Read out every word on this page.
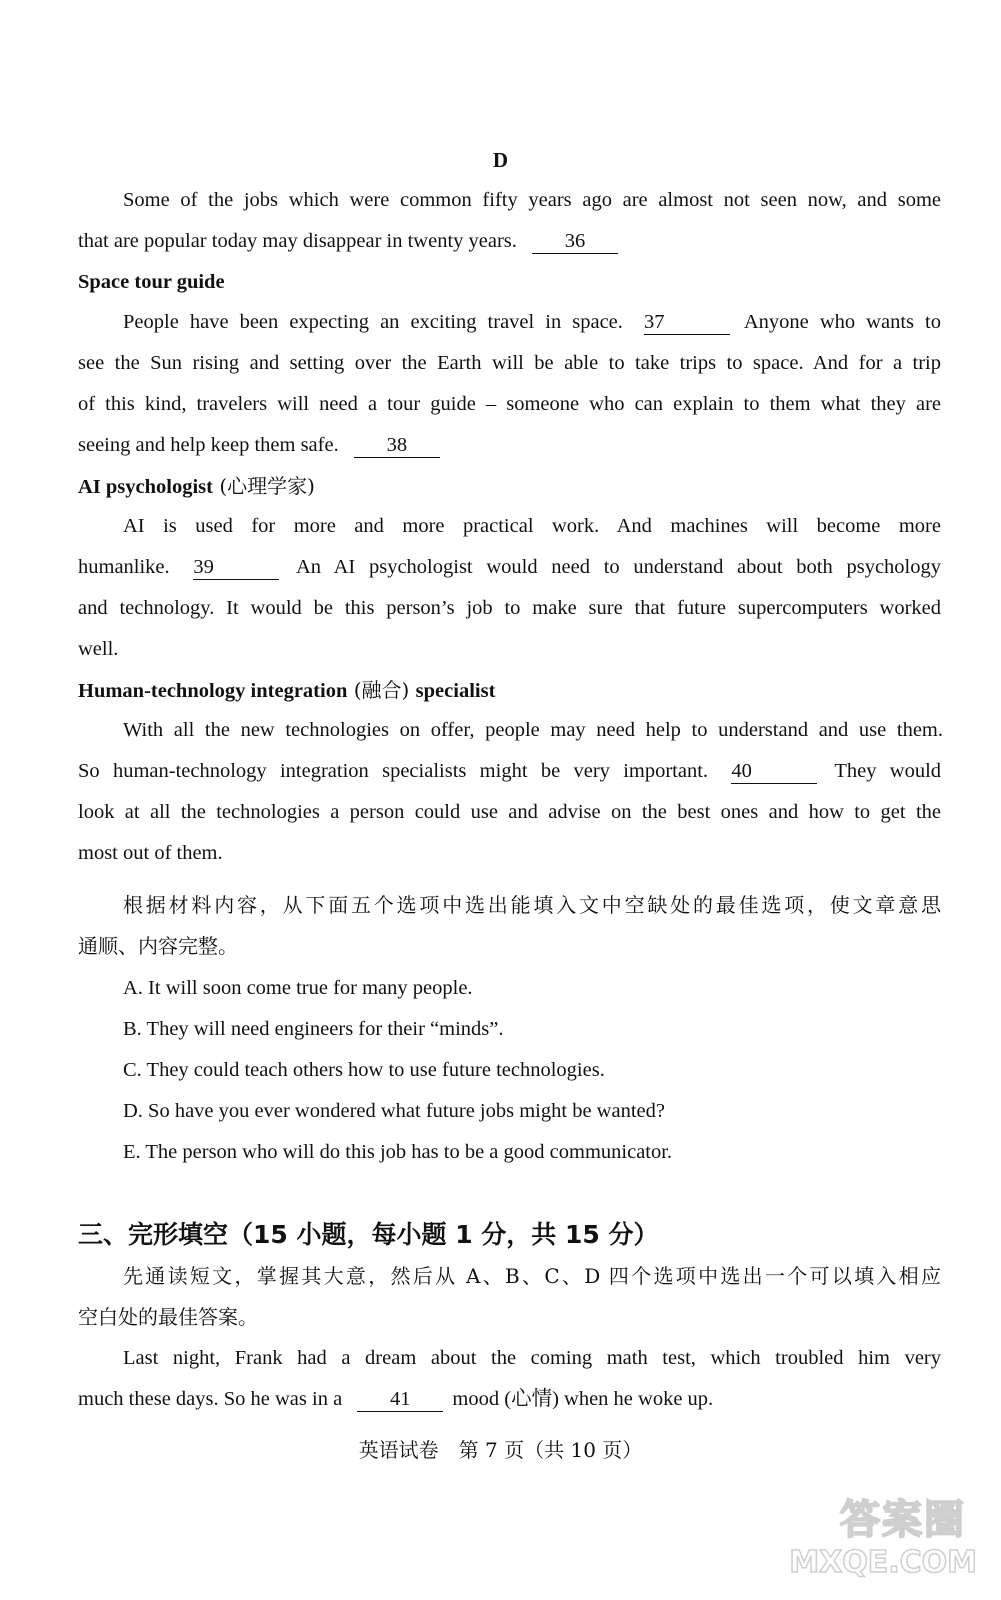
D
Some of the jobs which were common fifty years ago are almost not seen now, and some
that are popular today may disappear in twenty years. 36
Space tour guide
People have been expecting an exciting travel in space. 37	Anyone who wants to
see the Sun rising and setting over the Earth will be able to take trips to space. And for a trip
of this kind, travelers will need a tour guide – someone who can explain to them what they are
seeing and help keep them safe. 38
AI psychologist (心理学家)
AI is used for more and more practical work. And machines will become more
humanlike. 39	An AI psychologist would need to understand about both psychology
and technology. It would be this person’s job to make sure that future supercomputers worked
well.
Human-technology integration (融合) specialist
With all the new technologies on offer, people may need help to understand and use them.
So human-technology integration specialists might be very important. 40	They would
look at all the technologies a person could use and advise on the best ones and how to get the
most out of them.
根据材料内容，从下面五个选项中选出能填入文中空缺处的最佳选项，使文章意思
通顺、内容完整。
A. It will soon come true for many people.
B. They will need engineers for their “minds”.
C. They could teach others how to use future technologies.
D. So have you ever wondered what future jobs might be wanted?
E. The person who will do this job has to be a good communicator.
三、完形填空（15 小题，每小题 1 分，共 15 分）
先通读短文，掌握其大意，然后从 A、B、C、D 四个选项中选出一个可以填入相应
空白处的最佳答案。
Last night, Frank had a dream about the coming math test, which troubled him very
much these days. So he was in a 41 mood (心情) when he woke up.
英语试卷　第 7 页（共 10 页）
答案圈
MXQE.COM
